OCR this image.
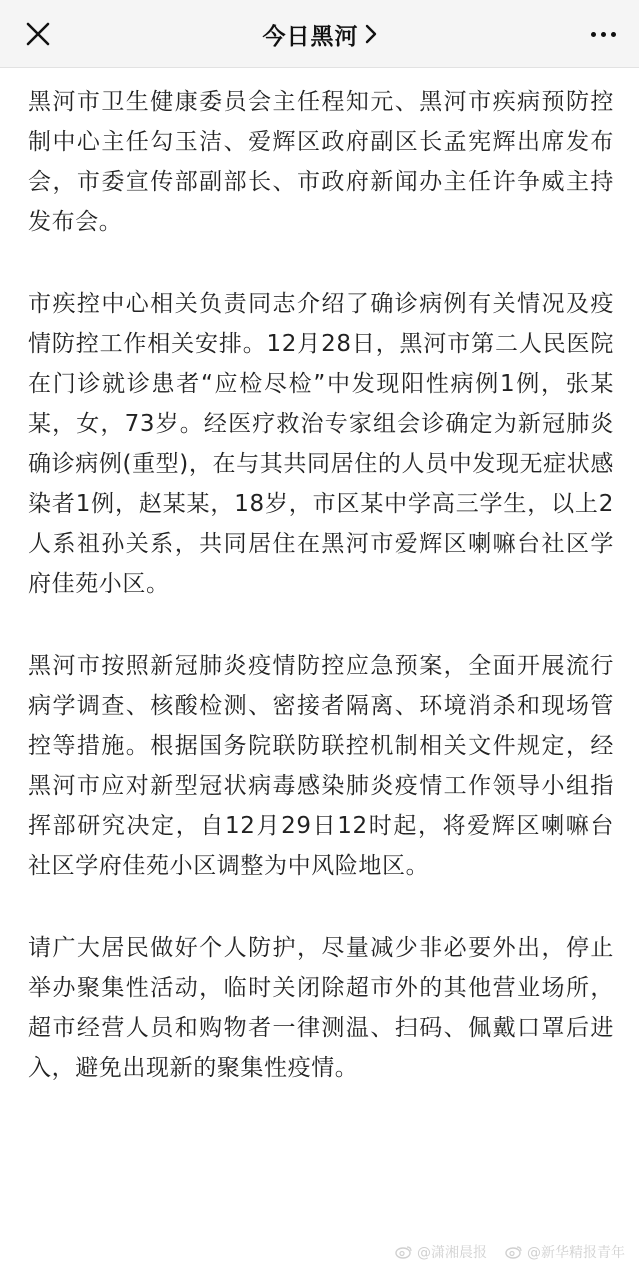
今日黑河

黑河市卫生健康委员会主任程知元、黑河市疾病预防控制中心主任勾玉洁、爱辉区政府副区长孟宪辉出席发布会，市委宣传部副部长、市政府新闻办主任许争威主持发布会。

市疾控中心相关负责同志介绍了确诊病例有关情况及疫情防控工作相关安排。12月28日，黑河市第二人民医院在门诊就诊患者“应检尽检”中发现阳性病例1例，张某某，女，73岁。经医疗救治专家组会诊确定为新冠肺炎确诊病例(重型)，在与其共同居住的人员中发现无症状感染者1例，赵某某，18岁，市区某中学高三学生，以上2人系祖孙关系，共同居住在黑河市爱辉区喇嘛台社区学府佳苑小区。

黑河市按照新冠肺炎疫情防控应急预案，全面开展流行病学调查、核酸检测、密接者隔离、环境消杀和现场管控等措施。根据国务院联防联控机制相关文件规定，经黑河市应对新型冠状病毒感染肺炎疫情工作领导小组指挥部研究决定，自12月29日12时起，将爱辉区喇嘛台社区学府佳苑小区调整为中风险地区。

请广大居民做好个人防护，尽量减少非必要外出，停止举办聚集性活动，临时关闭除超市外的其他营业场所，超市经营人员和购物者一律测温、扫码、佩戴口罩后进入，避免出现新的聚集性疫情。

@潇湘晨报	@新华精报青年
